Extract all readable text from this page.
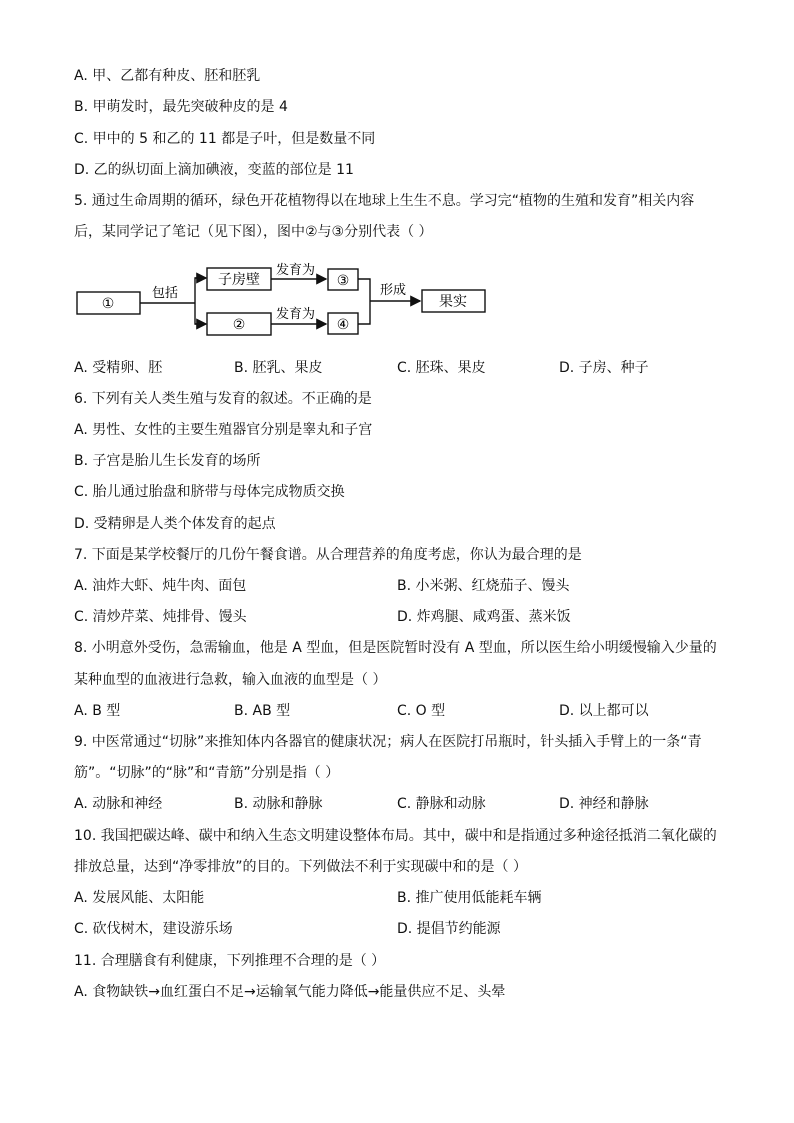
A. 甲、乙都有种皮、胚和胚乳
B. 甲萌发时，最先突破种皮的是 4
C. 甲中的 5 和乙的 11 都是子叶，但是数量不同
D. 乙的纵切面上滴加碘液，变蓝的部位是 11
5. 通过生命周期的循环，绿色开花植物得以在地球上生生不息。学习完“植物的生殖和发育”相关内容
后，某同学记了笔记（见下图），图中②与③分别代表（ ）
①
包括
子房壁
②
发育为
发育为
③
④
形成
果实
A. 受精卵、胚	B. 胚乳、果皮	C. 胚珠、果皮	D. 子房、种子
6. 下列有关人类生殖与发育的叙述。不正确的是
A. 男性、女性的主要生殖器官分别是睾丸和子宫
B. 子宫是胎儿生长发育的场所
C. 胎儿通过胎盘和脐带与母体完成物质交换
D. 受精卵是人类个体发育的起点
7. 下面是某学校餐厅的几份午餐食谱。从合理营养的角度考虑，你认为最合理的是
A. 油炸大虾、炖牛肉、面包	B. 小米粥、红烧茄子、馒头
C. 清炒芹菜、炖排骨、馒头	D. 炸鸡腿、咸鸡蛋、蒸米饭
8. 小明意外受伤，急需输血，他是 A 型血，但是医院暂时没有 A 型血，所以医生给小明缓慢输入少量的
某种血型的血液进行急救，输入血液的血型是（ ）
A. B 型	B. AB 型	C. O 型	D. 以上都可以
9. 中医常通过“切脉”来推知体内各器官的健康状况；病人在医院打吊瓶时，针头插入手臂上的一条“青
筋”。“切脉”的“脉”和“青筋”分别是指（ ）
A. 动脉和神经	B. 动脉和静脉	C. 静脉和动脉	D. 神经和静脉
10. 我国把碳达峰、碳中和纳入生态文明建设整体布局。其中，碳中和是指通过多种途径抵消二氧化碳的
排放总量，达到“净零排放”的目的。下列做法不利于实现碳中和的是（ ）
A. 发展风能、太阳能	B. 推广使用低能耗车辆
C. 砍伐树木，建设游乐场	D. 提倡节约能源
11. 合理膳食有利健康，下列推理不合理的是（ ）
A. 食物缺铁→血红蛋白不足→运输氧气能力降低→能量供应不足、头晕
